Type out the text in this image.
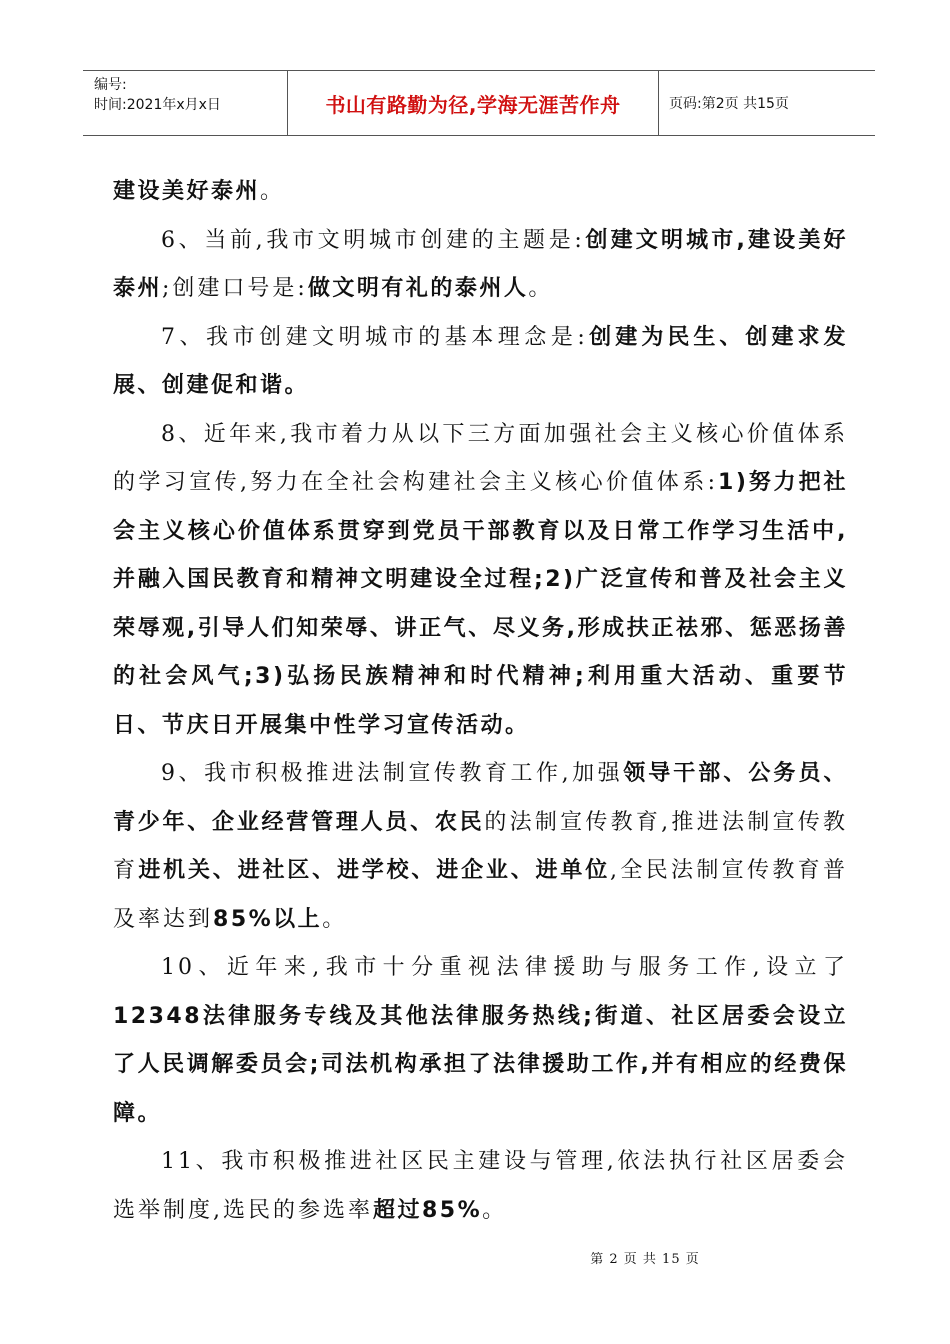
编号:
时间:2021年x月x日	书山有路勤为径,学海无涯苦作舟	页码:第2页 共15页

建设美好泰州。

6、当前,我市文明城市创建的主题是:创建文明城市,建设美好泰州;创建口号是:做文明有礼的泰州人。

7、我市创建文明城市的基本理念是:创建为民生、创建求发展、创建促和谐。

8、近年来,我市着力从以下三方面加强社会主义核心价值体系的学习宣传,努力在全社会构建社会主义核心价值体系:1)努力把社会主义核心价值体系贯穿到党员干部教育以及日常工作学习生活中,并融入国民教育和精神文明建设全过程;2)广泛宣传和普及社会主义荣辱观,引导人们知荣辱、讲正气、尽义务,形成扶正祛邪、惩恶扬善的社会风气;3)弘扬民族精神和时代精神;利用重大活动、重要节日、节庆日开展集中性学习宣传活动。

9、我市积极推进法制宣传教育工作,加强领导干部、公务员、青少年、企业经营管理人员、农民的法制宣传教育,推进法制宣传教育进机关、进社区、进学校、进企业、进单位,全民法制宣传教育普及率达到85%以上。

10、近年来,我市十分重视法律援助与服务工作,设立了12348法律服务专线及其他法律服务热线;街道、社区居委会设立了人民调解委员会;司法机构承担了法律援助工作,并有相应的经费保障。

11、我市积极推进社区民主建设与管理,依法执行社区居委会选举制度,选民的参选率超过85%。

第 2 页 共 15 页
